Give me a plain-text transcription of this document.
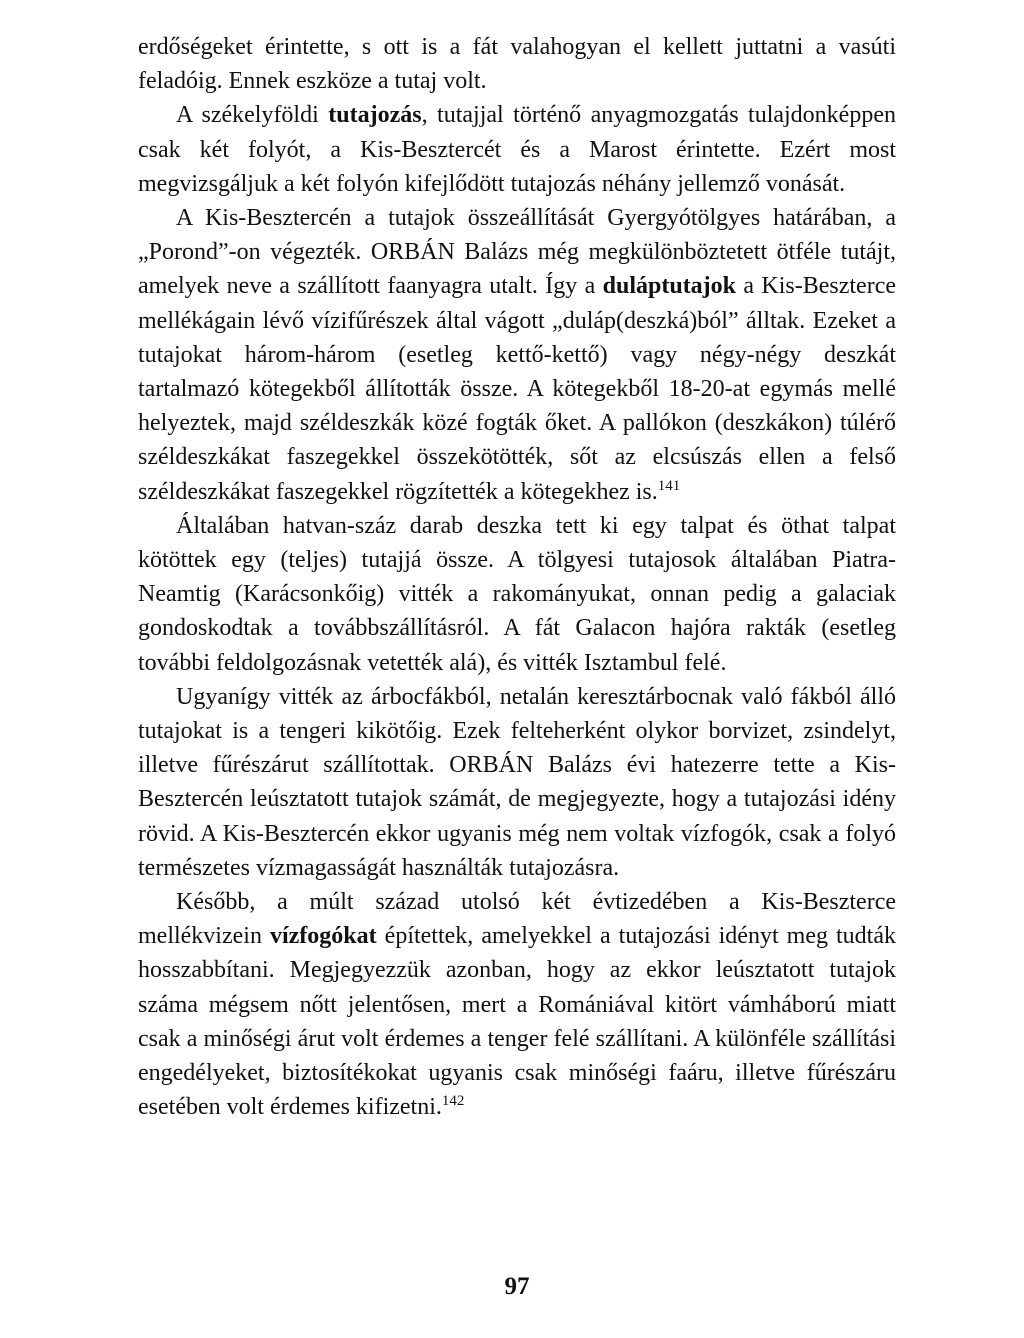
erdőségeket érintette, s ott is a fát valahogyan el kellett juttatni a vasúti feladóig. Ennek eszköze a tutaj volt.

A székelyföldi tutajozás, tutajjal történő anyagmozgatás tulajdonképpen csak két folyót, a Kis-Besztercét és a Marost érintette. Ezért most megvizsgáljuk a két folyón kifejlődött tutajozás néhány jellemző vonását.

A Kis-Besztercén a tutajok összeállítását Gyergyótölgyes határában, a „Porond”-on végezték. ORBÁN Balázs még megkülönböztetett ötféle tutájt, amelyek neve a szállított faanyagra utalt. Így a duláptutajok a Kis-Beszterce mellékágain lévő vízifűrészek által vágott „duláp(deszká)ból” álltak. Ezeket a tutajokat három-három (esetleg kettő-kettő) vagy négy-négy deszkát tartalmazó kötegekből állították össze. A kötegekből 18-20-at egymás mellé helyeztek, majd széldeszkák közé fogták őket. A pallókon (deszkákon) túlérő széldeszkákat faszegekkel összekötötték, sőt az elcsúszás ellen a felső széldeszkákat faszegekkel rögzítették a kötegekhez is.$^{141}$

Általában hatvan-száz darab deszka tett ki egy talpat és öthat talpat kötöttek egy (teljes) tutajjá össze. A tölgyesi tutajosok általában Piatra-Neamtig (Karácsonkőig) vitték a rakományukat, onnan pedig a galaciak gondoskodtak a továbbszállításról. A fát Galacon hajóra rakták (esetleg további feldolgozásnak vetették alá), és vitték Isztambul felé.

Ugyanígy vitték az árbocfákból, netalán keresztárbocnak való fákból álló tutajokat is a tengeri kikötőig. Ezek felteherként olykor borvizet, zsindelyt, illetve fűrészárut szállítottak. ORBÁN Balázs évi hatezerre tette a Kis-Besztercén leúsztatott tutajok számát, de megjegyezte, hogy a tutajozási idény rövid. A Kis-Besztercén ekkor ugyanis még nem voltak vízfogók, csak a folyó természetes vízmagasságát használták tutajozásra.

Később, a múlt század utolsó két évtizedében a Kis-Beszterce mellékvizein vízfogókat építettek, amelyekkel a tutajozási idényt meg tudták hosszabbítani. Megjegyezzük azonban, hogy az ekkor leúsztatott tutajok száma mégsem nőtt jelentősen, mert a Romániával kitört vámháború miatt csak a minőségi árut volt érdemes a tenger felé szállítani. A különféle szállítási engedélyeket, biztosítékokat ugyanis csak minőségi faáru, illetve fűrészáru esetében volt érdemes kifizetni.$^{142}$

97
